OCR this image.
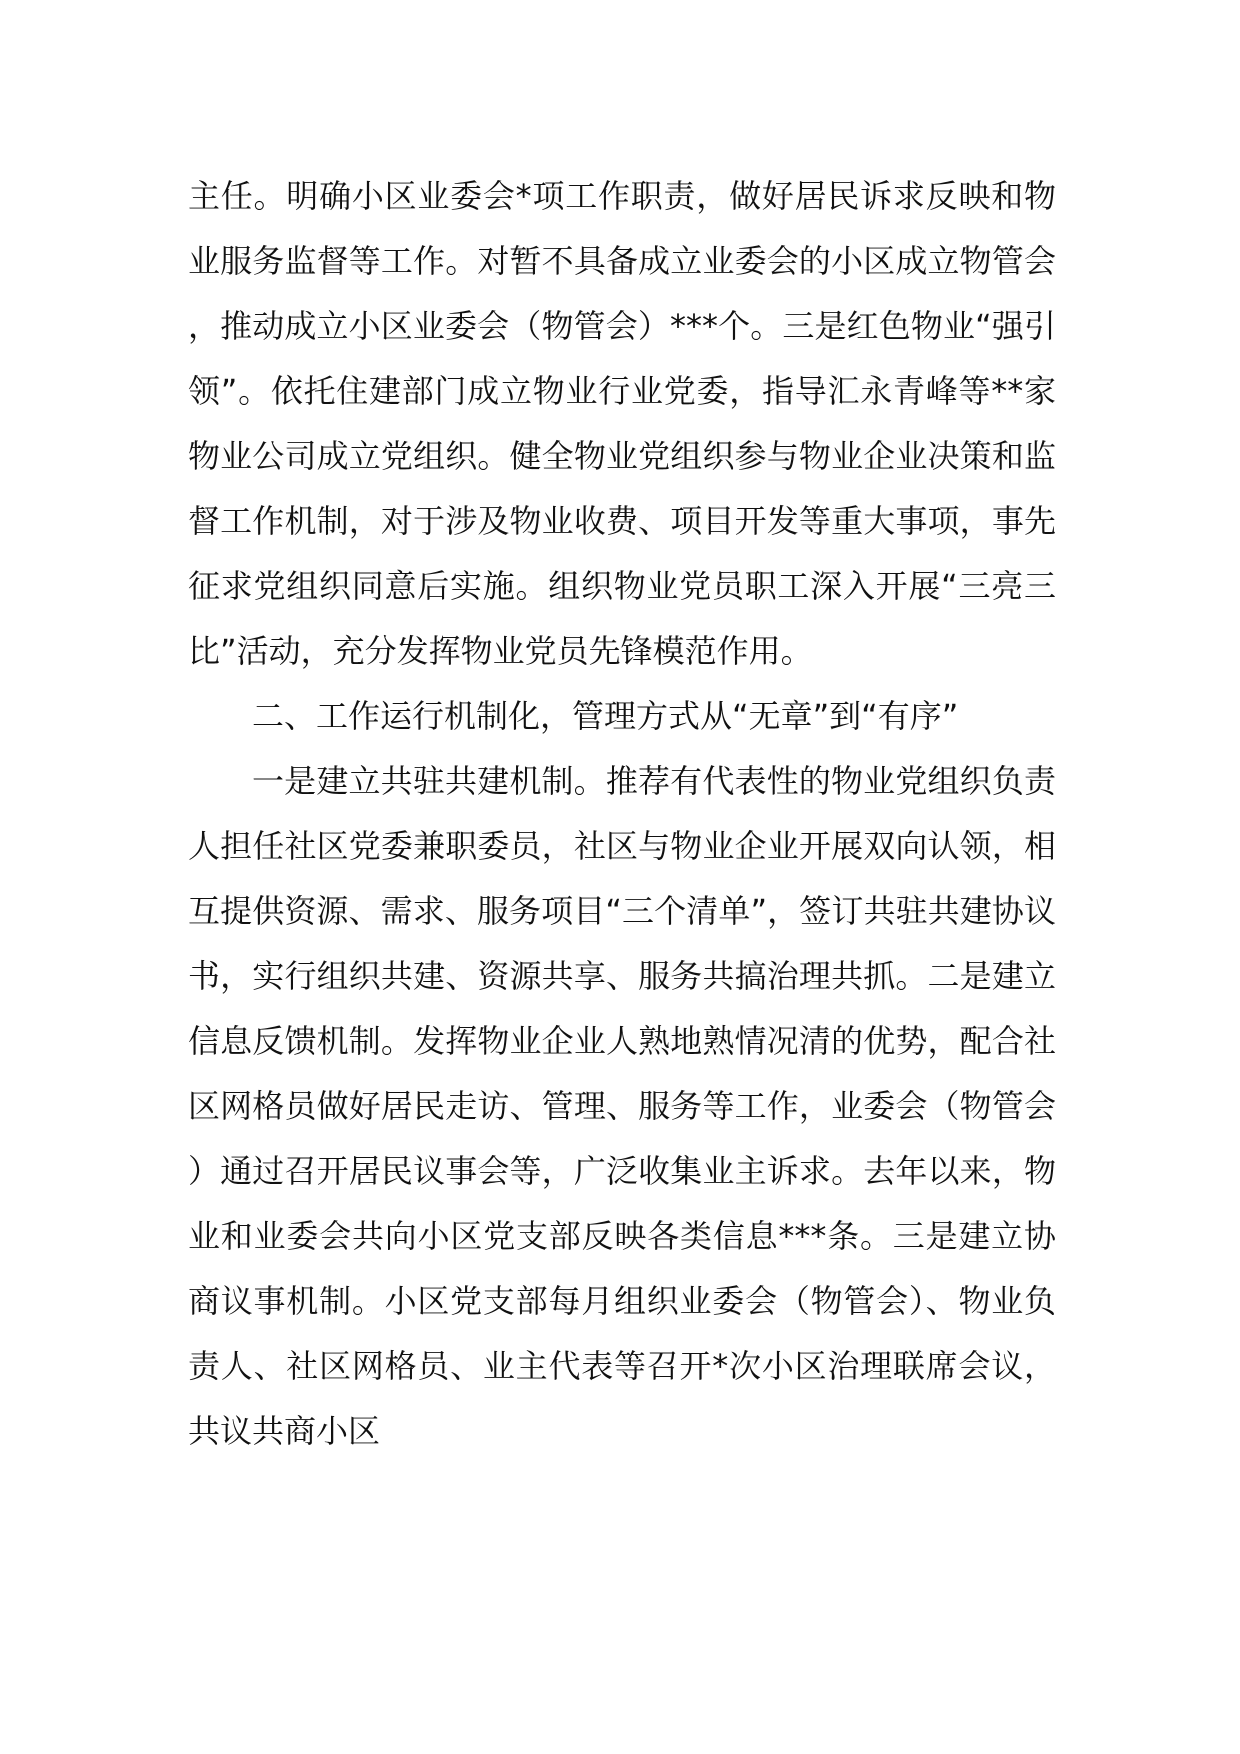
主任。明确小区业委会*项工作职责，做好居民诉求反映和物业服务监督等工作。对暂不具备成立业委会的小区成立物管会，推动成立小区业委会（物管会）***个。三是红色物业“强引领”。依托住建部门成立物业行业党委，指导汇永青峰等**家物业公司成立党组织。健全物业党组织参与物业企业决策和监督工作机制，对于涉及物业收费、项目开发等重大事项，事先征求党组织同意后实施。组织物业党员职工深入开展“三亮三比”活动，充分发挥物业党员先锋模范作用。

二、工作运行机制化，管理方式从“无章”到“有序”

一是建立共驻共建机制。推荐有代表性的物业党组织负责人担任社区党委兼职委员，社区与物业企业开展双向认领，相互提供资源、需求、服务项目“三个清单”，签订共驻共建协议书，实行组织共建、资源共享、服务共搞治理共抓。二是建立信息反馈机制。发挥物业企业人熟地熟情况清的优势，配合社区网格员做好居民走访、管理、服务等工作，业委会（物管会）通过召开居民议事会等，广泛收集业主诉求。去年以来，物业和业委会共向小区党支部反映各类信息***条。三是建立协商议事机制。小区党支部每月组织业委会（物管会）、物业负责人、社区网格员、业主代表等召开*次小区治理联席会议，共议共商小区
